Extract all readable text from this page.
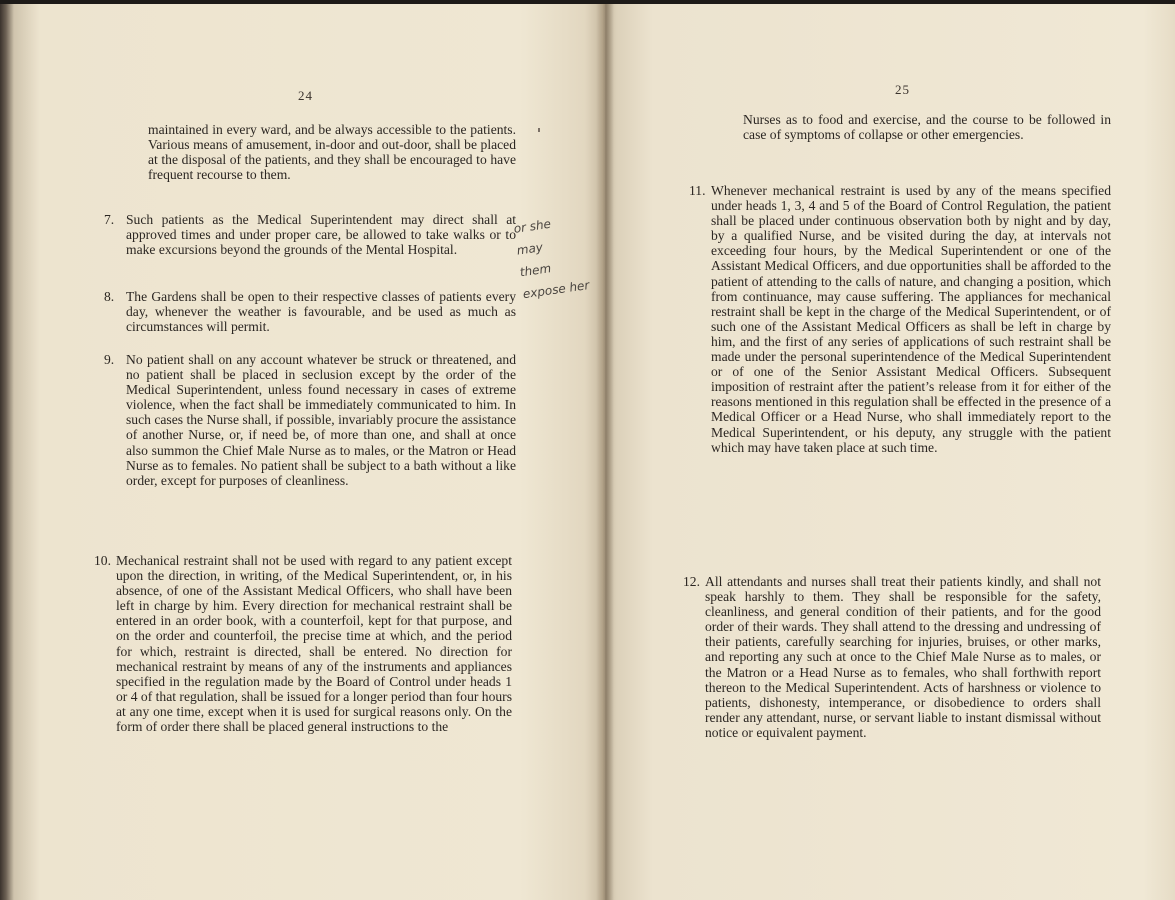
24
maintained in every ward, and be always accessible to the patients. Various means of amusement, in-door and out-door, shall be placed at the disposal of the patients, and they shall be encouraged to have frequent recourse to them.
7. Such patients as the Medical Superintendent may direct shall at approved times and under proper care, be allowed to take walks or to make excursions beyond the grounds of the Mental Hospital.
8. The Gardens shall be open to their respective classes of patients every day, whenever the weather is favourable, and be used as much as circumstances will permit.
9. No patient shall on any account whatever be struck or threatened, and no patient shall be placed in seclusion except by the order of the Medical Superintendent, unless found necessary in cases of extreme violence, when the fact shall be immediately communicated to him. In such cases the Nurse shall, if possible, invariably procure the assistance of another Nurse, or, if need be, of more than one, and shall at once also summon the Chief Male Nurse as to males, or the Matron or Head Nurse as to females. No patient shall be subject to a bath without a like order, except for purposes of cleanliness.
10. Mechanical restraint shall not be used with regard to any patient except upon the direction, in writing, of the Medical Superintendent, or, in his absence, of one of the Assistant Medical Officers, who shall have been left in charge by him. Every direction for mechanical restraint shall be entered in an order book, with a counterfoil, kept for that purpose, and on the order and counterfoil, the precise time at which, and the period for which, restraint is directed, shall be entered. No direction for mechanical restraint by means of any of the instruments and appliances specified in the regulation made by the Board of Control under heads 1 or 4 of that regulation, shall be issued for a longer period than four hours at any one time, except when it is used for surgical reasons only. On the form of order there shall be placed general instructions to the
or she
may
them
expose her
25
Nurses as to food and exercise, and the course to be followed in case of symptoms of collapse or other emergencies.
11. Whenever mechanical restraint is used by any of the means specified under heads 1, 3, 4 and 5 of the Board of Control Regulation, the patient shall be placed under continuous observation both by night and by day, by a qualified Nurse, and be visited during the day, at intervals not exceeding four hours, by the Medical Superintendent or one of the Assistant Medical Officers, and due opportunities shall be afforded to the patient of attending to the calls of nature, and changing a position, which from continuance, may cause suffering. The appliances for mechanical restraint shall be kept in the charge of the Medical Superintendent, or of such one of the Assistant Medical Officers as shall be left in charge by him, and the first of any series of applications of such restraint shall be made under the personal superintendence of the Medical Superintendent or of one of the Senior Assistant Medical Officers. Subsequent imposition of restraint after the patient’s release from it for either of the reasons mentioned in this regulation shall be effected in the presence of a Medical Officer or a Head Nurse, who shall immediately report to the Medical Superintendent, or his deputy, any struggle with the patient which may have taken place at such time.
12. All attendants and nurses shall treat their patients kindly, and shall not speak harshly to them. They shall be responsible for the safety, cleanliness, and general condition of their patients, and for the good order of their wards. They shall attend to the dressing and undressing of their patients, carefully searching for injuries, bruises, or other marks, and reporting any such at once to the Chief Male Nurse as to males, or the Matron or a Head Nurse as to females, who shall forthwith report thereon to the Medical Superintendent. Acts of harshness or violence to patients, dishonesty, intemperance, or disobedience to orders shall render any attendant, nurse, or servant liable to instant dismissal without notice or equivalent payment.
